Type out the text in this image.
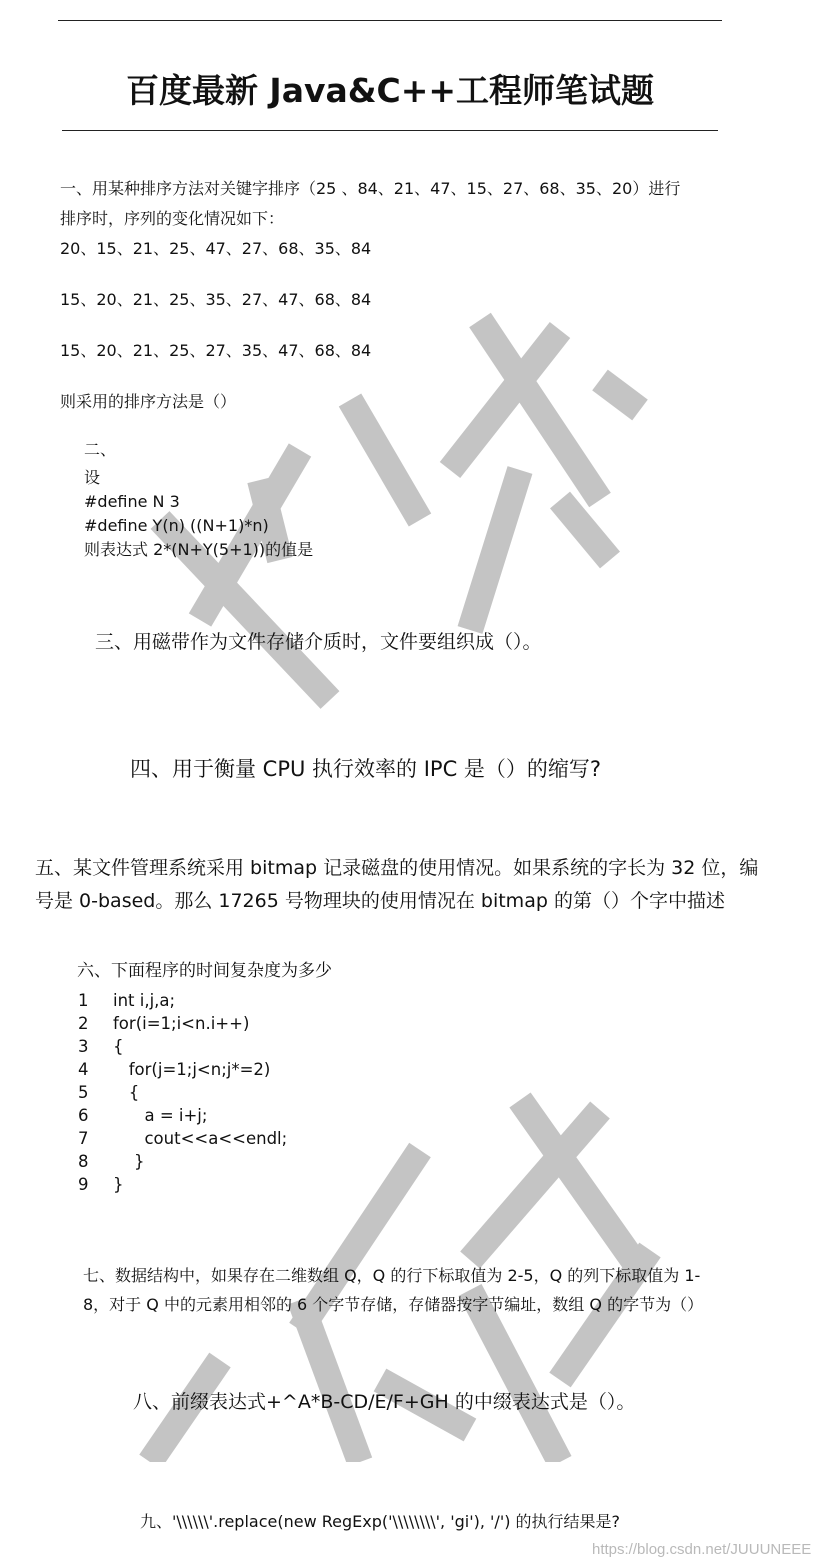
百度最新 Java&C++工程师笔试题
一、用某种排序方法对关键字排序（25 、84、21、47、15、27、68、35、20）进行
排序时，序列的变化情况如下：
20、15、21、25、47、27、68、35、84
15、20、21、25、35、27、47、68、84
15、20、21、25、27、35、47、68、84
则采用的排序方法是（）
二、
设
#define N 3
#define Y(n) ((N+1)*n)
则表达式 2*(N+Y(5+1))的值是
三、用磁带作为文件存储介质时，文件要组织成（）。
四、用于衡量 CPU 执行效率的 IPC 是（）的缩写?
五、某文件管理系统采用 bitmap 记录磁盘的使用情况。如果系统的字长为 32 位，编
号是 0-based。那么 17265 号物理块的使用情况在 bitmap 的第（）个字中描述
六、下面程序的时间复杂度为多少
1 int i,j,a;
2 for(i=1;i<n.i++)
3 {
4 for(j=1;j<n;j*=2)
5 {
6 a = i+j;
7 cout<<a<<endl;
8 }
9 }
七、数据结构中，如果存在二维数组 Q，Q 的行下标取值为 2-5，Q 的列下标取值为 1-
8，对于 Q 中的元素用相邻的 6 个字节存储，存储器按字节编址，数组 Q 的字节为（）
八、前缀表达式+^A*B-CD/E/F+GH 的中缀表达式是（）。
九、'\\\\\\'.replace(new RegExp('\\\\\\\\', 'gi'), '/') 的执行结果是?
https://blog.csdn.net/JUUUNEEE
